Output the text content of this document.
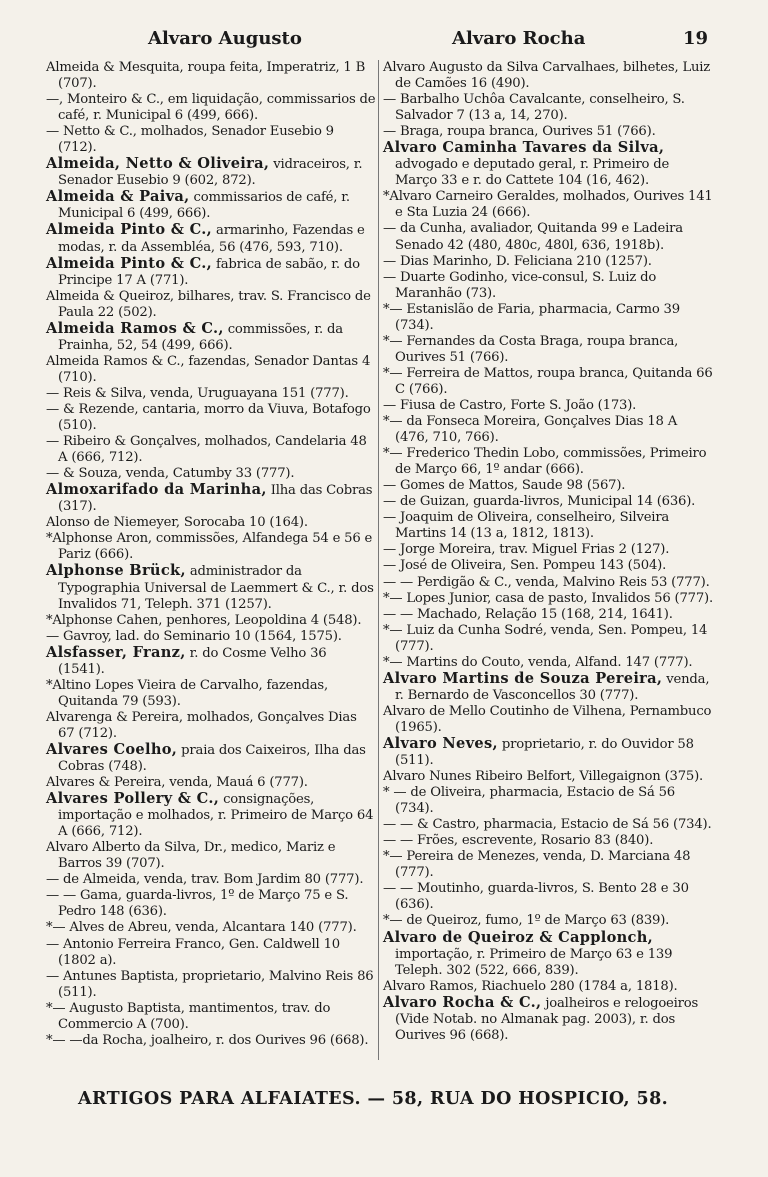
Alvaro Augusto	Alvaro Rocha	19

Almeida & Mesquita, roupa feita, Imperatriz, 1 B (707).

—, Monteiro & C., em liquidação, commissarios de café, r. Municipal 6 (499, 666).

— Netto & C., molhados, Senador Eusebio 9 (712).

Almeida, Netto & Oliveira, vidraceiros, r. Senador Eusebio 9 (602, 872).

Almeida & Paiva, commissarios de café, r. Municipal 6 (499, 666).

Almeida Pinto & C., armarinho, Fazendas e modas, r. da Assembléa, 56 (476, 593, 710).

Almeida Pinto & C., fabrica de sabão, r. do Principe 17 A (771).

Almeida & Queiroz, bilhares, trav. S. Francisco de Paula 22 (502).

Almeida Ramos & C., commissões, r. da Prainha, 52, 54 (499, 666).

Almeida Ramos & C., fazendas, Senador Dantas 4 (710).

— Reis & Silva, venda, Uruguayana 151 (777).

— & Rezende, cantaria, morro da Viuva, Botafogo (510).

— Ribeiro & Gonçalves, molhados, Candelaria 48 A (666, 712).

— & Souza, venda, Catumby 33 (777).

Almoxarifado da Marinha, Ilha das Cobras (317).

Alonso de Niemeyer, Sorocaba 10 (164).

*Alphonse Aron, commissões, Alfandega 54 e 56 e Pariz (666).

Alphonse Brück, administrador da Typographia Universal de Laemmert & C., r. dos Invalidos 71, Teleph. 371 (1257).

*Alphonse Cahen, penhores, Leopoldina 4 (548).

— Gavroy, lad. do Seminario 10 (1564, 1575).

Alsfasser, Franz, r. do Cosme Velho 36 (1541).

*Altino Lopes Vieira de Carvalho, fazendas, Quitanda 79 (593).

Alvarenga & Pereira, molhados, Gonçalves Dias 67 (712).

Alvares Coelho, praia dos Caixeiros, Ilha das Cobras (748).

Alvares & Pereira, venda, Mauá 6 (777).

Alvares Pollery & C., consignações, importação e molhados, r. Primeiro de Março 64 A (666, 712).

Alvaro Alberto da Silva, Dr., medico, Mariz e Barros 39 (707).

— de Almeida, venda, trav. Bom Jardim 80 (777).

— — Gama, guarda-livros, 1º de Março 75 e S. Pedro 148 (636).

*— Alves de Abreu, venda, Alcantara 140 (777).

— Antonio Ferreira Franco, Gen. Caldwell 10 (1802 a).

— Antunes Baptista, proprietario, Malvino Reis 86 (511).

*— Augusto Baptista, mantimentos, trav. do Commercio A (700).

*— —da Rocha, joalheiro, r. dos Ourives 96 (668).

Alvaro Augusto da Silva Carvalhaes, bilhetes, Luiz de Camões 16 (490).

— Barbalho Uchôa Cavalcante, conselheiro, S. Salvador 7 (13 a, 14, 270).

— Braga, roupa branca, Ourives 51 (766).

Alvaro Caminha Tavares da Silva, advogado e deputado geral, r. Primeiro de Março 33 e r. do Cattete 104 (16, 462).

*Alvaro Carneiro Geraldes, molhados, Ourives 141 e Sta Luzia 24 (666).

— da Cunha, avaliador, Quitanda 99 e Ladeira Senado 42 (480, 480c, 480l, 636, 1918b).

— Dias Marinho, D. Feliciana 210 (1257).

— Duarte Godinho, vice-consul, S. Luiz do Maranhão (73).

*— Estanislão de Faria, pharmacia, Carmo 39 (734).

*— Fernandes da Costa Braga, roupa branca, Ourives 51 (766).

*— Ferreira de Mattos, roupa branca, Quitanda 66 C (766).

— Fiusa de Castro, Forte S. João (173).

*— da Fonseca Moreira, Gonçalves Dias 18 A (476, 710, 766).

*— Frederico Thedin Lobo, commissões, Primeiro de Março 66, 1º andar (666).

— Gomes de Mattos, Saude 98 (567).

— de Guizan, guarda-livros, Municipal 14 (636).

— Joaquim de Oliveira, conselheiro, Silveira Martins 14 (13 a, 1812, 1813).

— Jorge Moreira, trav. Miguel Frias 2 (127).

— José de Oliveira, Sen. Pompeu 143 (504).

— — Perdigão & C., venda, Malvino Reis 53 (777).

*— Lopes Junior, casa de pasto, Invalidos 56 (777).

— — Machado, Relação 15 (168, 214, 1641).

*— Luiz da Cunha Sodré, venda, Sen. Pompeu, 14 (777).

*— Martins do Couto, venda, Alfand. 147 (777).

Alvaro Martins de Souza Pereira, venda, r. Bernardo de Vasconcellos 30 (777).

Alvaro de Mello Coutinho de Vilhena, Pernambuco (1965).

Alvaro Neves, proprietario, r. do Ouvidor 58 (511).

Alvaro Nunes Ribeiro Belfort, Villegaignon (375).

* — de Oliveira, pharmacia, Estacio de Sá 56 (734).

— — & Castro, pharmacia, Estacio de Sá 56 (734).

— — Frões, escrevente, Rosario 83 (840).

*— Pereira de Menezes, venda, D. Marciana 48 (777).

— — Moutinho, guarda-livros, S. Bento 28 e 30 (636).

*— de Queiroz, fumo, 1º de Março 63 (839).

Alvaro de Queiroz & Capplonch, importação, r. Primeiro de Março 63 e 139 Teleph. 302 (522, 666, 839).

Alvaro Ramos, Riachuelo 280 (1784 a, 1818).

Alvaro Rocha & C., joalheiros e relogoeiros (Vide Notab. no Almanak pag. 2003), r. dos Ourives 96 (668).

ARTIGOS PARA ALFAIATES. — 58, RUA DO HOSPICIO, 58.
